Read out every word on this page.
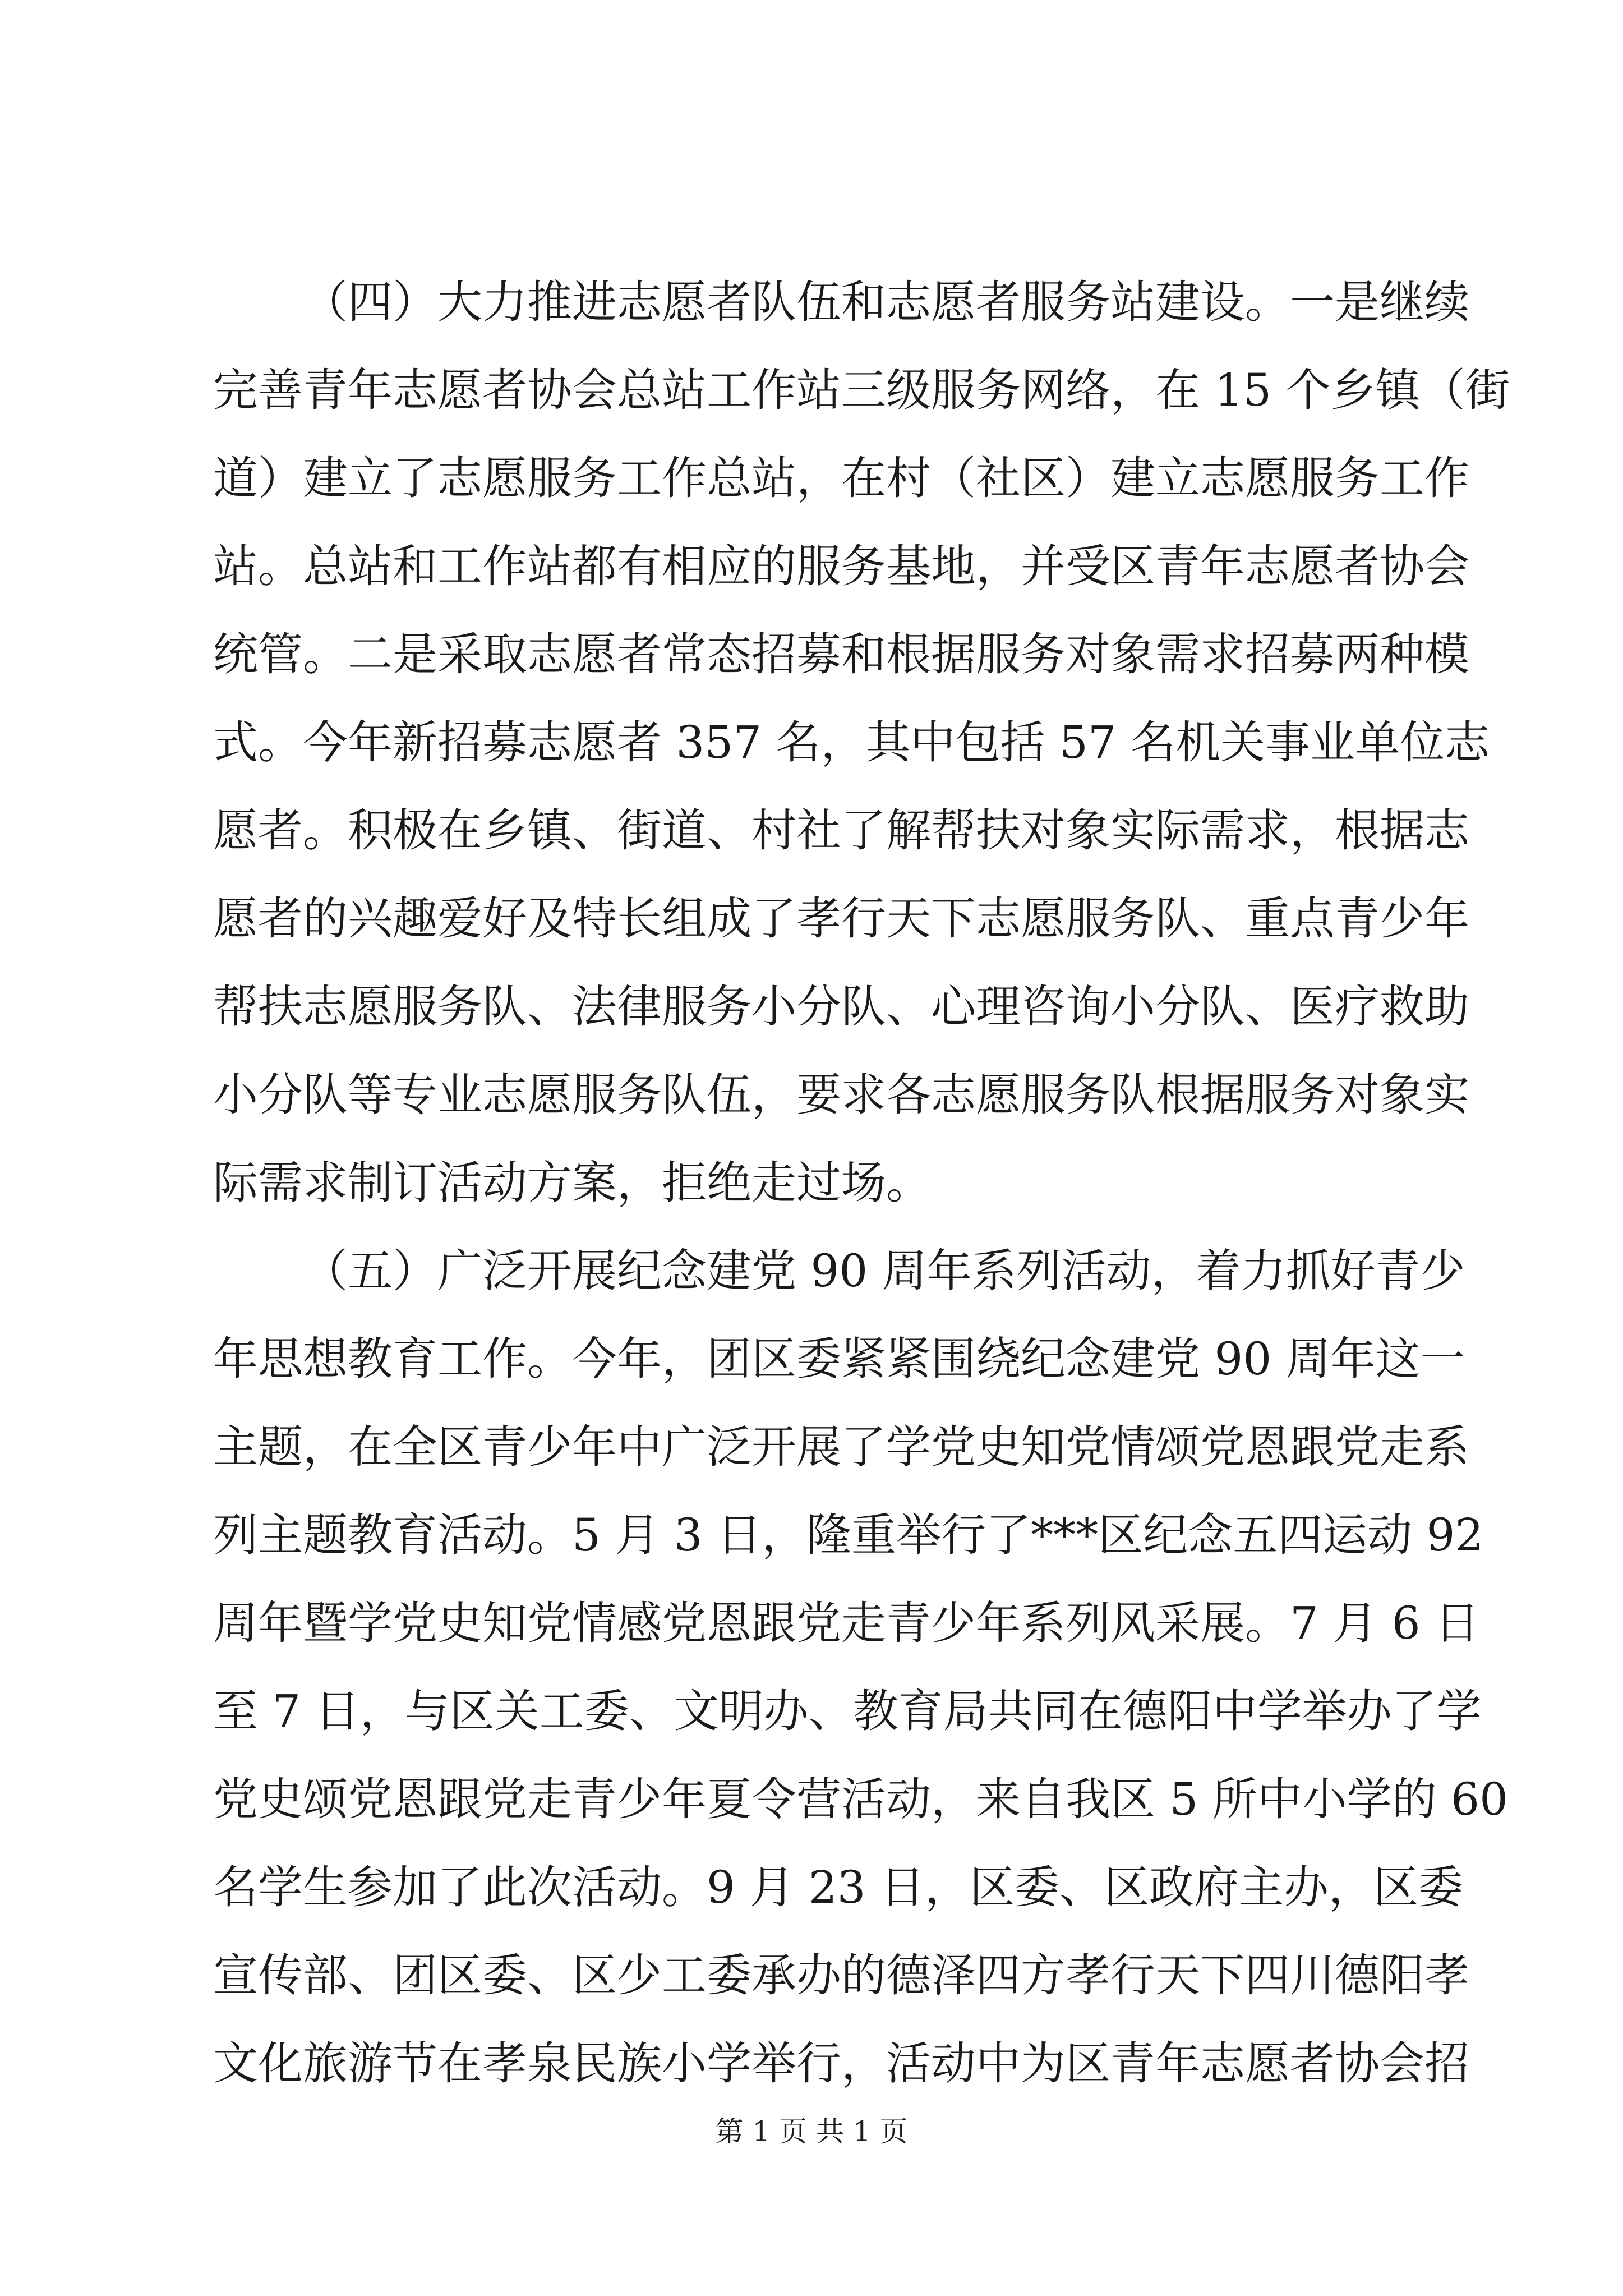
（四）大力推进志愿者队伍和志愿者服务站建设。一是继续
完善青年志愿者协会总站工作站三级服务网络，在 15 个乡镇（街
道）建立了志愿服务工作总站，在村（社区）建立志愿服务工作
站。总站和工作站都有相应的服务基地，并受区青年志愿者协会
统管。二是采取志愿者常态招募和根据服务对象需求招募两种模
式。今年新招募志愿者 357 名，其中包括 57 名机关事业单位志
愿者。积极在乡镇、街道、村社了解帮扶对象实际需求，根据志
愿者的兴趣爱好及特长组成了孝行天下志愿服务队、重点青少年
帮扶志愿服务队、法律服务小分队、心理咨询小分队、医疗救助
小分队等专业志愿服务队伍，要求各志愿服务队根据服务对象实
际需求制订活动方案，拒绝走过场。
（五）广泛开展纪念建党 90 周年系列活动，着力抓好青少
年思想教育工作。今年，团区委紧紧围绕纪念建党 90 周年这一
主题，在全区青少年中广泛开展了学党史知党情颂党恩跟党走系
列主题教育活动。5 月 3 日，隆重举行了***区纪念五四运动 92
周年暨学党史知党情感党恩跟党走青少年系列风采展。7 月 6 日
至 7 日，与区关工委、文明办、教育局共同在德阳中学举办了学
党史颂党恩跟党走青少年夏令营活动，来自我区 5 所中小学的 60
名学生参加了此次活动。9 月 23 日，区委、区政府主办，区委
宣传部、团区委、区少工委承办的德泽四方孝行天下四川德阳孝
文化旅游节在孝泉民族小学举行，活动中为区青年志愿者协会招
第 1 页 共 1 页
